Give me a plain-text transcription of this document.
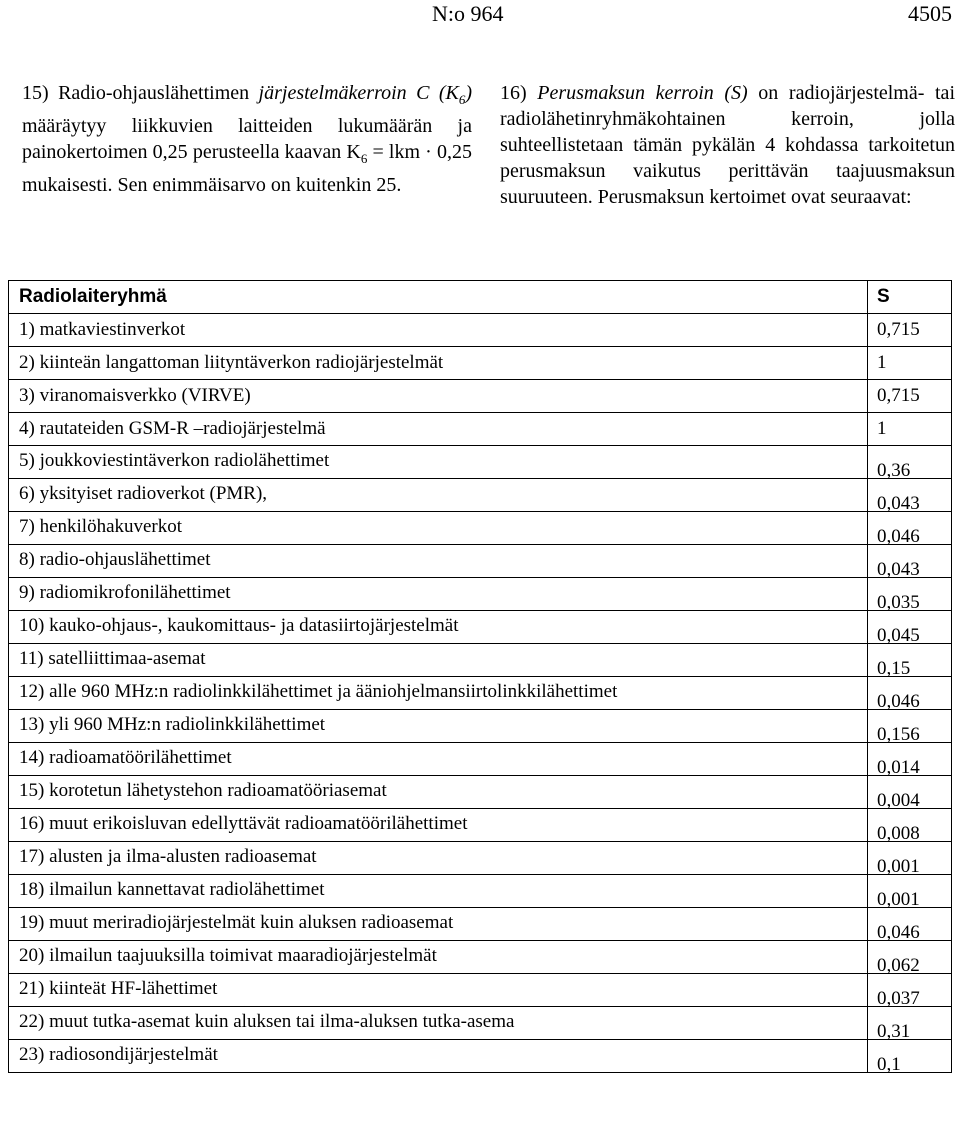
N:o 964	4505
15) Radio-ohjauslähettimen järjestelmäkerroin C $(K_6)$ määräytyy liikkuvien laitteiden lukumäärän ja painokertoimen 0,25 perusteella kaavan $K_6$ = lkm · 0,25 mukaisesti. Sen enimmäisarvo on kuitenkin 25.
16) Perusmaksun kerroin (S) on radiojärjestelmä- tai radiolähetinryhmäkohtainen kerroin, jolla suhteellistetaan tämän pykälän 4 kohdassa tarkoitetun perusmaksun vaikutus perittävän taajuusmaksun suuruuteen. Perusmaksun kertoimet ovat seuraavat:
Radiolaiteryhmä	S
1) matkaviestinverkot	0,715
2) kiinteän langattoman liityntäverkon radiojärjestelmät	1
3) viranomaisverkko (VIRVE)	0,715
4) rautateiden GSM-R –radiojärjestelmä	1
5) joukkoviestintäverkon radiolähettimet	0,36
6) yksityiset radioverkot (PMR),	0,043
7) henkilöhakuverkot	0,046
8) radio-ohjauslähettimet	0,043
9) radiomikrofonilähettimet	0,035
10) kauko-ohjaus-, kaukomittaus- ja datasiirtojärjestelmät	0,045
11) satelliittimaa-asemat	0,15
12) alle 960 MHz:n radiolinkkilähettimet ja ääniohjelmansiirtolinkkilähettimet	0,046
13) yli 960 MHz:n radiolinkkilähettimet	0,156
14) radioamatöörilähettimet	0,014
15) korotetun lähetystehon radioamatööriasemat	0,004
16) muut erikoisluvan edellyttävät radioamatöörilähettimet	0,008
17) alusten ja ilma-alusten radioasemat	0,001
18) ilmailun kannettavat radiolähettimet	0,001
19) muut meriradiojärjestelmät kuin aluksen radioasemat	0,046
20) ilmailun taajuuksilla toimivat maaradiojärjestelmät	0,062
21) kiinteät HF-lähettimet	0,037
22) muut tutka-asemat kuin aluksen tai ilma-aluksen tutka-asema	0,31
23) radiosondijärjestelmät	0,1
